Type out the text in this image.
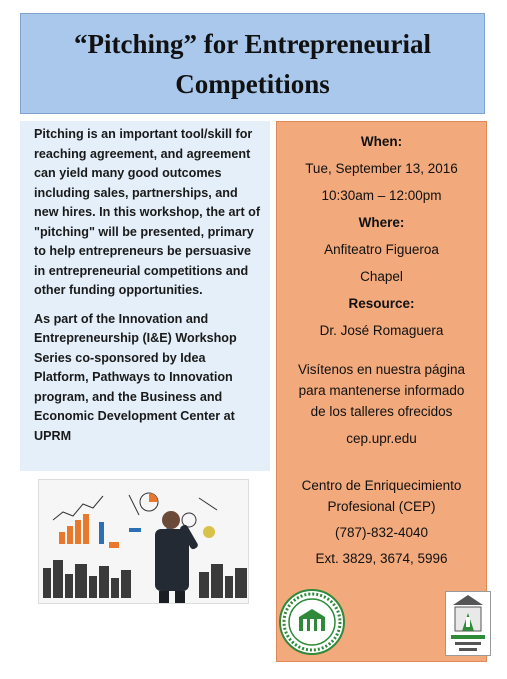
“Pitching” for Entrepreneurial Competitions

Pitching is an important tool/skill for reaching agreement, and agreement can yield many good outcomes including sales, partnerships, and new hires. In this workshop, the art of "pitching" will be presented, primary to help entrepreneurs be persuasive in entrepreneurial competitions and other funding opportunities.

As part of the Innovation and Entrepreneurship (I&E) Workshop Series co-sponsored by Idea Platform, Pathways to Innovation program, and the Business and Economic Development Center at UPRM

When:
Tue, September 13, 2016
10:30am – 12:00pm
Where:
Anfiteatro Figueroa
Chapel
Resource:
Dr. José Romaguera
Visítenos en nuestra página
para mantenerse informado
de los talleres ofrecidos
cep.upr.edu
Centro de Enriquecimiento
Profesional (CEP)
(787)-832-4040
Ext. 3829, 3674, 5996
